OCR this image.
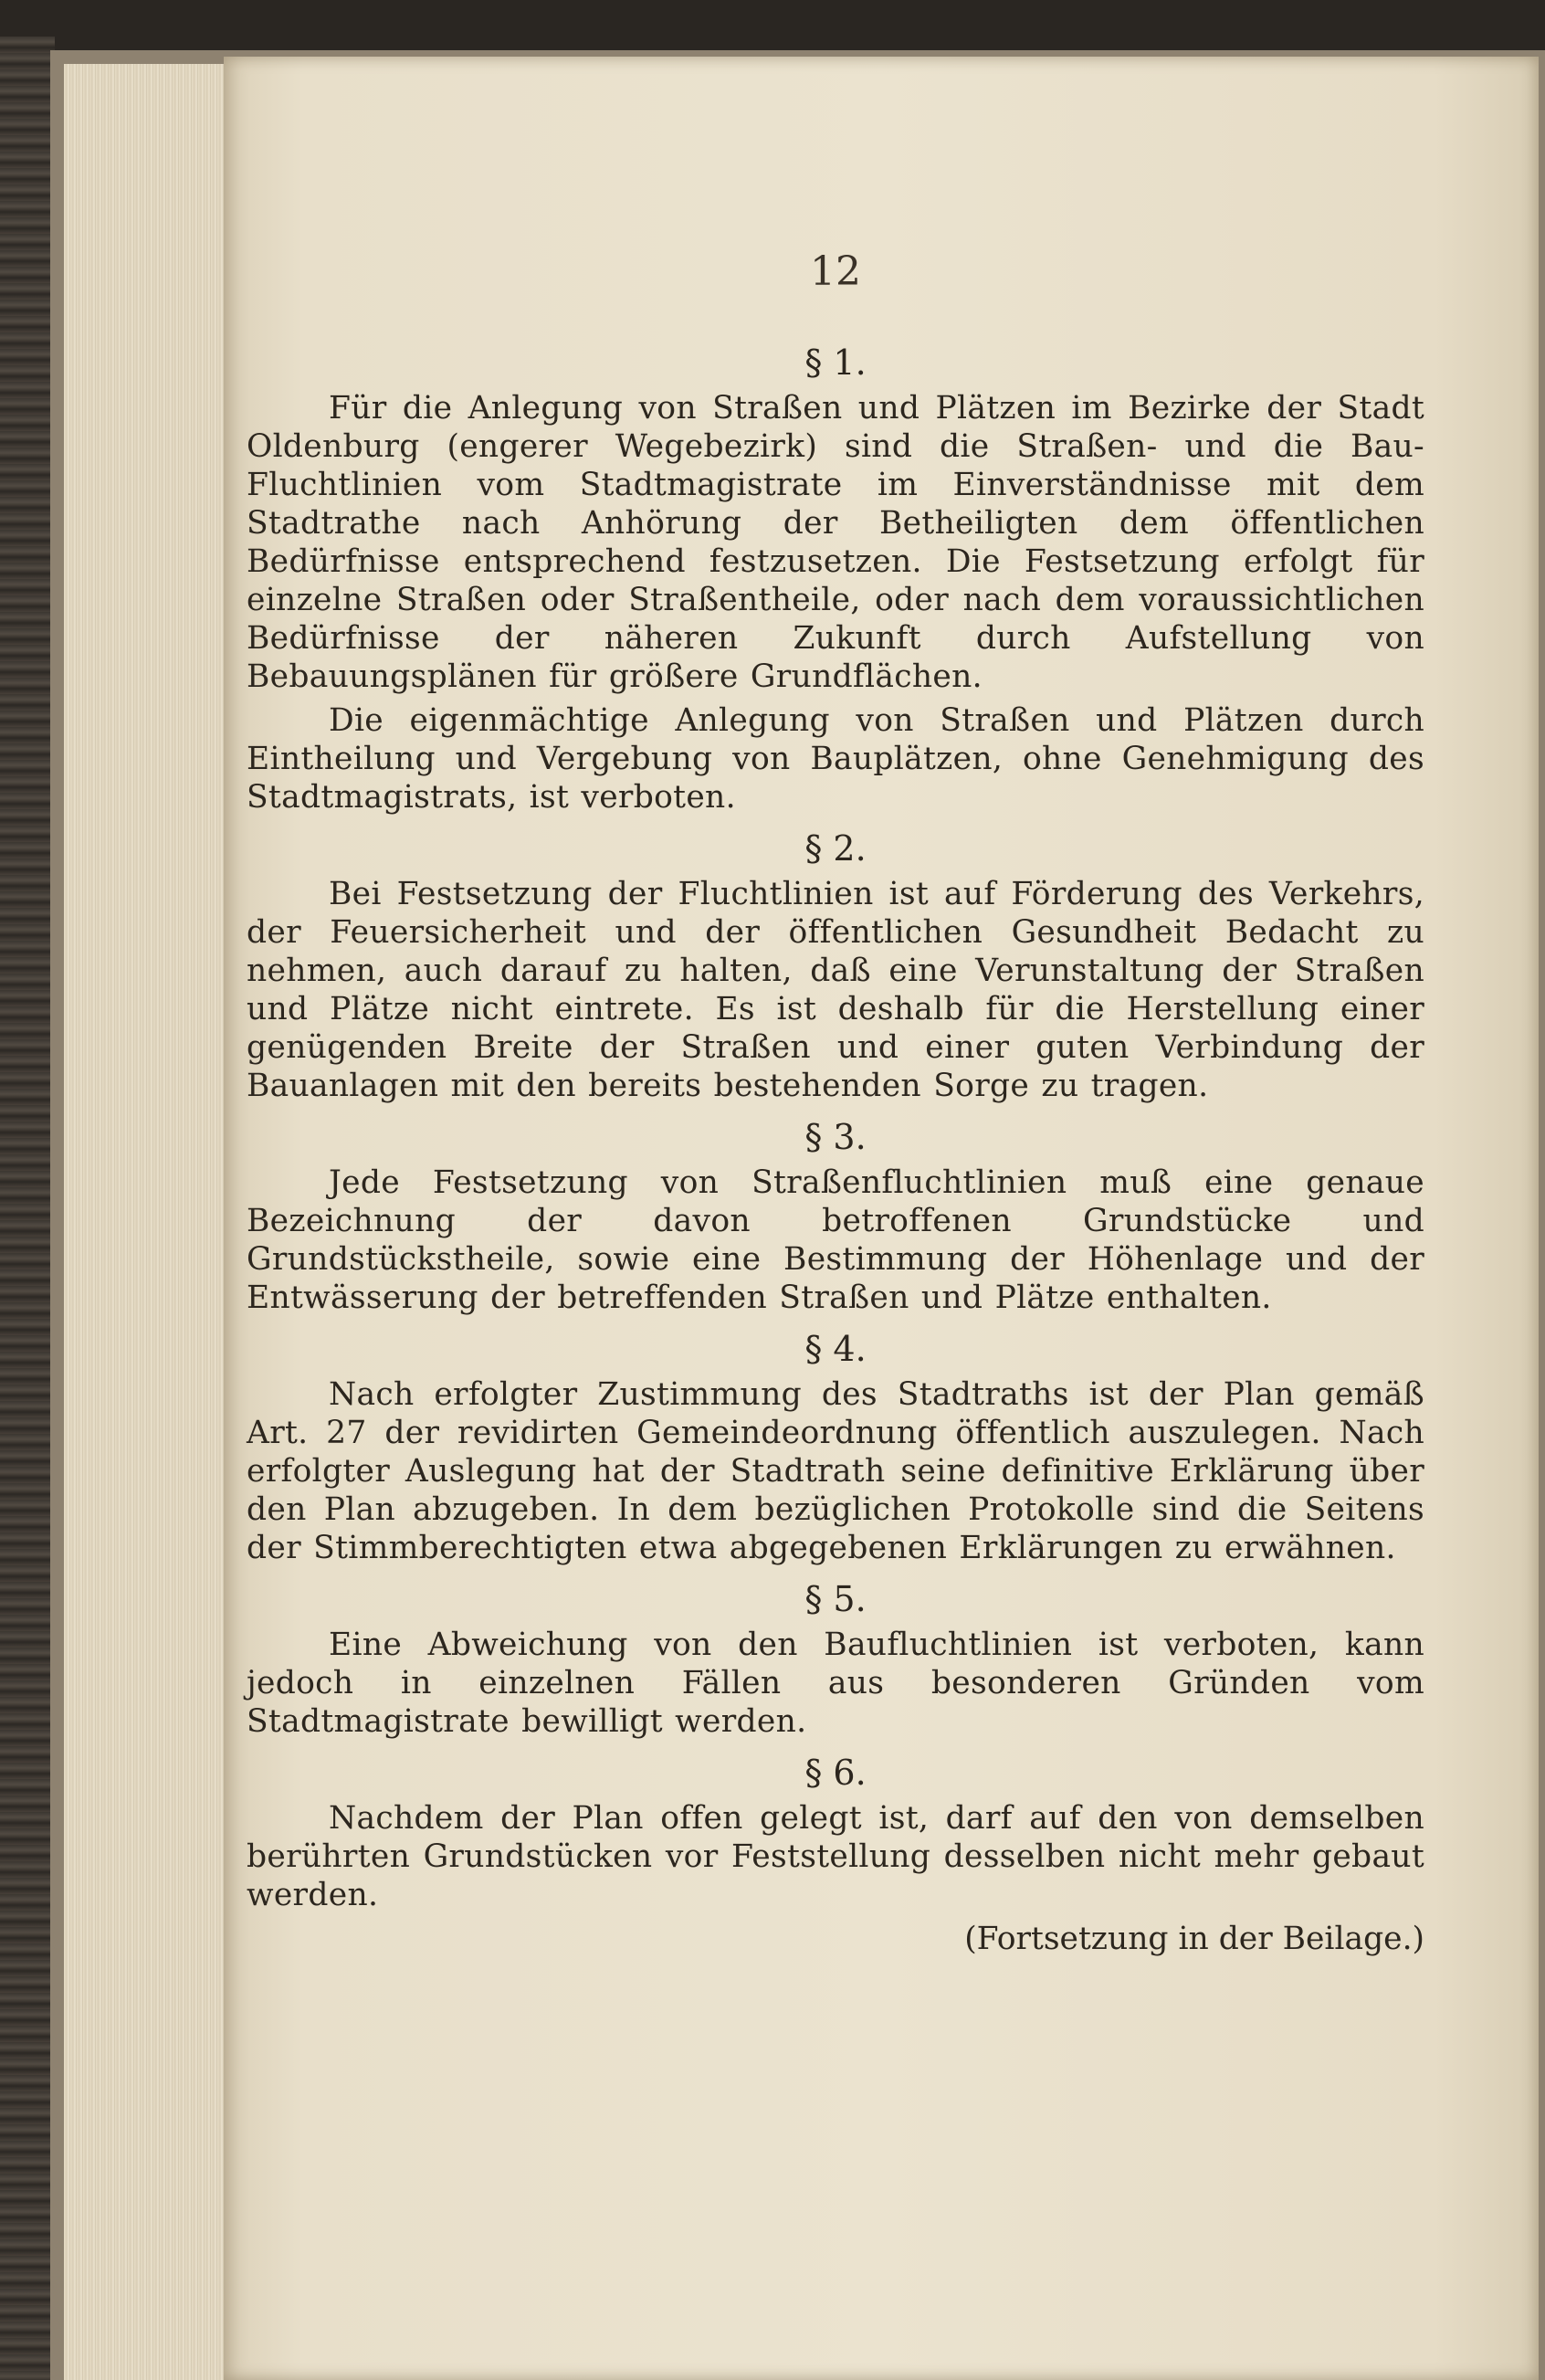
12
§ 1.

Für die Anlegung von Straßen und Plätzen im Bezirke der Stadt Oldenburg (engerer Wegebezirk) sind die Straßen- und die Bau-Fluchtlinien vom Stadtmagistrate im Einverständnisse mit dem Stadtrathe nach Anhörung der Betheiligten dem öffentlichen Bedürfnisse entsprechend festzusetzen. Die Festsetzung erfolgt für einzelne Straßen oder Straßentheile, oder nach dem voraussichtlichen Bedürfnisse der näheren Zukunft durch Aufstellung von Bebauungsplänen für größere Grundflächen.

Die eigenmächtige Anlegung von Straßen und Plätzen durch Eintheilung und Vergebung von Bauplätzen, ohne Genehmigung des Stadtmagistrats, ist verboten.

§ 2.

Bei Festsetzung der Fluchtlinien ist auf Förderung des Verkehrs, der Feuersicherheit und der öffentlichen Gesundheit Bedacht zu nehmen, auch darauf zu halten, daß eine Verunstaltung der Straßen und Plätze nicht eintrete. Es ist deshalb für die Herstellung einer genügenden Breite der Straßen und einer guten Verbindung der Bauanlagen mit den bereits bestehenden Sorge zu tragen.

§ 3.

Jede Festsetzung von Straßenfluchtlinien muß eine genaue Bezeichnung der davon betroffenen Grundstücke und Grundstückstheile, sowie eine Bestimmung der Höhenlage und der Entwässerung der betreffenden Straßen und Plätze enthalten.

§ 4.

Nach erfolgter Zustimmung des Stadtraths ist der Plan gemäß Art. 27 der revidirten Gemeindeordnung öffentlich auszulegen. Nach erfolgter Auslegung hat der Stadtrath seine definitive Erklärung über den Plan abzugeben. In dem bezüglichen Protokolle sind die Seitens der Stimmberechtigten etwa abgegebenen Erklärungen zu erwähnen.

§ 5.

Eine Abweichung von den Baufluchtlinien ist verboten, kann jedoch in einzelnen Fällen aus besonderen Gründen vom Stadtmagistrate bewilligt werden.

§ 6.

Nachdem der Plan offen gelegt ist, darf auf den von demselben berührten Grundstücken vor Feststellung desselben nicht mehr gebaut werden.

(Fortsetzung in der Beilage.)
